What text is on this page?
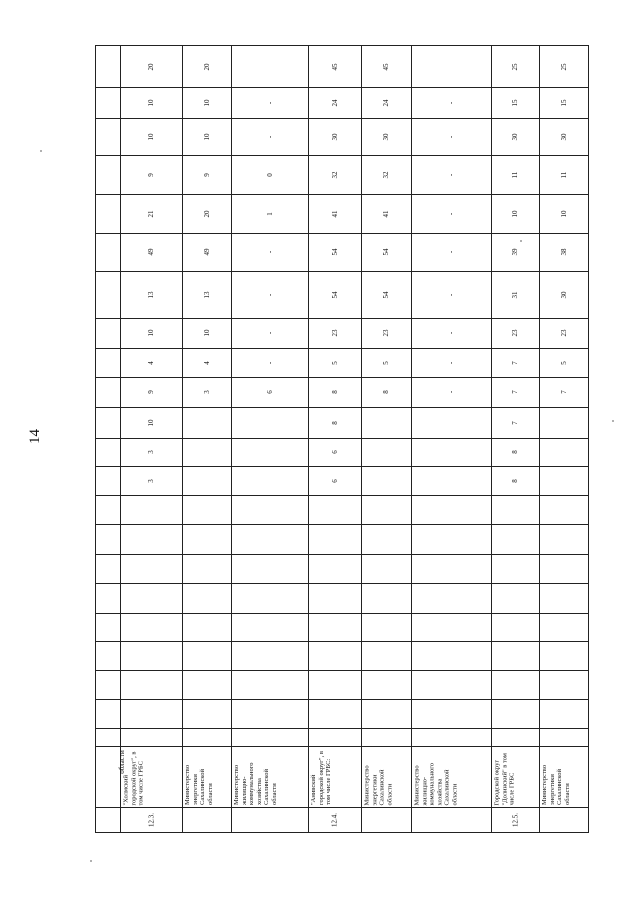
14
области
12.3.
"Холмский городской округ", в том числе ГРБС
3
3
10
9
4
10
13
49
21
9
10
10
20
Министерство энергетики Сахалинской области
3
4
10
13
49
20
9
10
10
20
Министерство жилищно-коммунального хозяйства Сахалинской области
6
-
-
-
-
1
0
-
-
12.4.
"Анивский городской округ", в том числе ГРБС:
6
6
8
8
5
23
54
54
41
32
30
24
45
Министерство энергетики Сахалинской области
8
5
23
54
54
41
32
30
24
45
Министерство жилищно-коммунального хозяйства Сахалинской области
-
-
-
-
-
-
-
-
-
12.5.
Городской округ "Долинский" в том числе ГРБС
8
8
7
7
7
23
31
39
10
11
30
15
25
Министерство энергетики Сахалинской области
7
5
23
30
38
10
11
30
15
25
